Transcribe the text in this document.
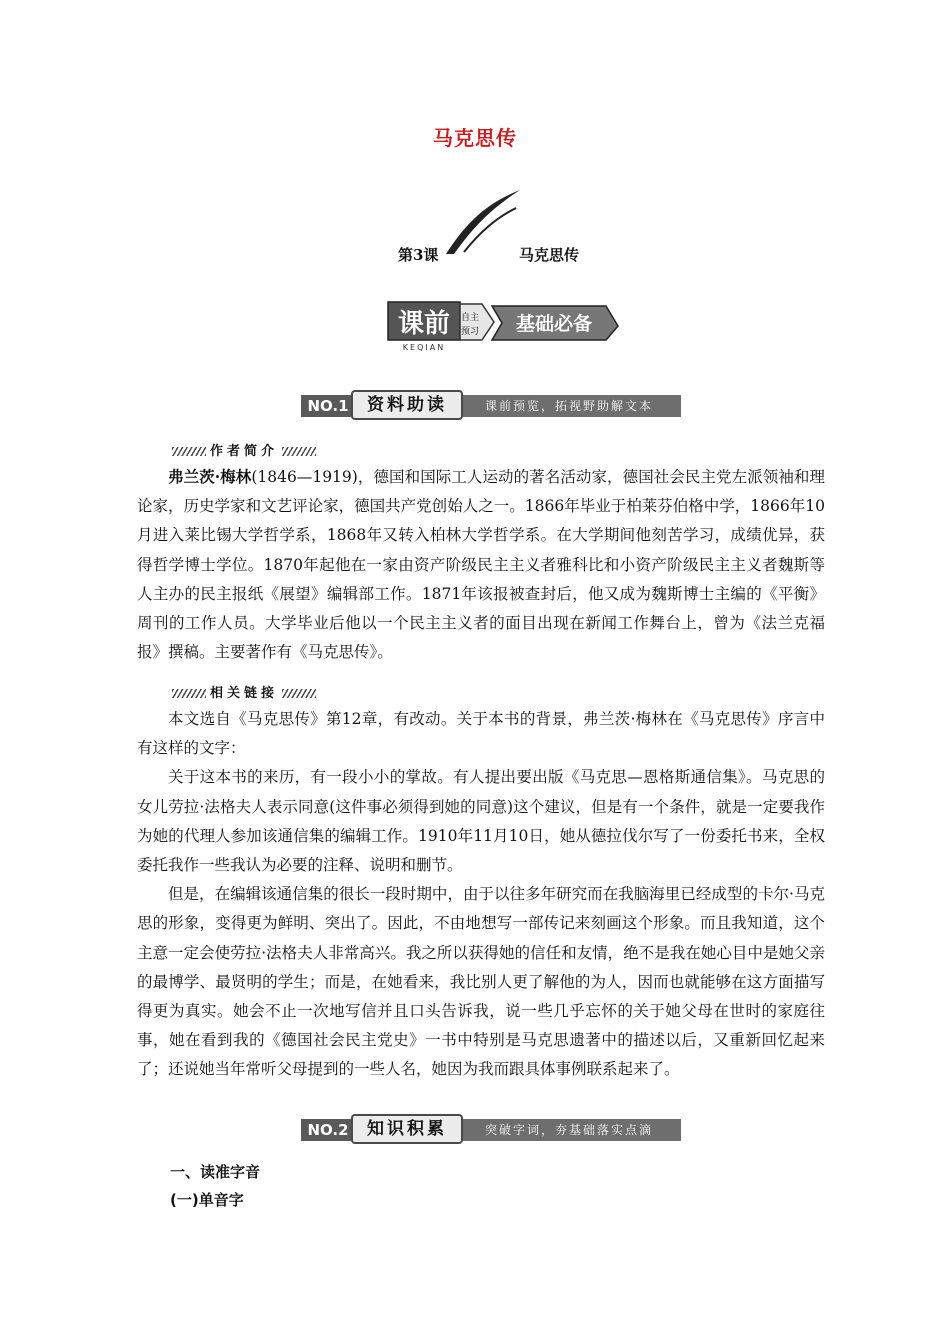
马克思传
第3课	马克思传
课前 自主
预习 基础必备
KEQIAN
NO.1	课前预览，拓视野助解文本
资料助读
作者简介

弗兰茨·梅林(1846—1919)，德国和国际工人运动的著名活动家，德国社会民主党左派领袖和理论家，历史学家和文艺评论家，德国共产党创始人之一。1866年毕业于柏莱芬伯格中学，1866年10月进入莱比锡大学哲学系，1868年又转入柏林大学哲学系。在大学期间他刻苦学习，成绩优异，获得哲学博士学位。1870年起他在一家由资产阶级民主主义者雅科比和小资产阶级民主主义者魏斯等人主办的民主报纸《展望》编辑部工作。1871年该报被查封后，他又成为魏斯博士主编的《平衡》周刊的工作人员。大学毕业后他以一个民主主义者的面目出现在新闻工作舞台上，曾为《法兰克福报》撰稿。主要著作有《马克思传》。

相关链接

本文选自《马克思传》第12章，有改动。关于本书的背景，弗兰茨·梅林在《马克思传》序言中有这样的文字：

关于这本书的来历，有一段小小的掌故。有人提出要出版《马克思—恩格斯通信集》。马克思的女儿劳拉·法格夫人表示同意(这件事必须得到她的同意)这个建议，但是有一个条件，就是一定要我作为她的代理人参加该通信集的编辑工作。1910年11月10日，她从德拉伐尔写了一份委托书来，全权委托我作一些我认为必要的注释、说明和删节。

但是，在编辑该通信集的很长一段时期中，由于以往多年研究而在我脑海里已经成型的卡尔·马克思的形象，变得更为鲜明、突出了。因此，不由地想写一部传记来刻画这个形象。而且我知道，这个主意一定会使劳拉·法格夫人非常高兴。我之所以获得她的信任和友情，绝不是我在她心目中是她父亲的最博学、最贤明的学生；而是，在她看来，我比别人更了解他的为人，因而也就能够在这方面描写得更为真实。她会不止一次地写信并且口头告诉我，说一些几乎忘怀的关于她父母在世时的家庭往事，她在看到我的《德国社会民主党史》一书中特别是马克思遗著中的描述以后，又重新回忆起来了；还说她当年常听父母提到的一些人名，她因为我而跟具体事例联系起来了。

NO.2	突破字词，夯基础落实点滴
知识积累
一、读准字音
(一)单音字
